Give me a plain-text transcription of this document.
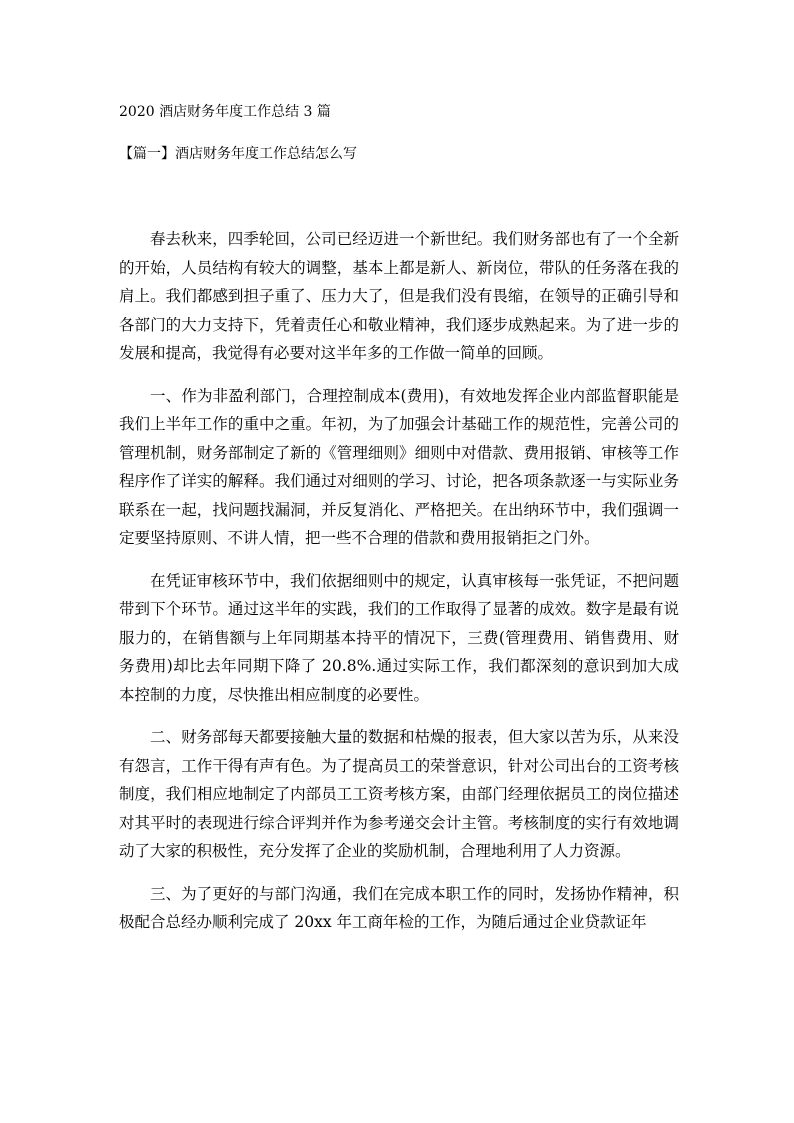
2020 酒店财务年度工作总结 3 篇
【篇一】酒店财务年度工作总结怎么写

春去秋来，四季轮回，公司已经迈进一个新世纪。我们财务部也有了一个全新的开始，人员结构有较大的调整，基本上都是新人、新岗位，带队的任务落在我的肩上。我们都感到担子重了、压力大了，但是我们没有畏缩，在领导的正确引导和各部门的大力支持下，凭着责任心和敬业精神，我们逐步成熟起来。为了进一步的发展和提高，我觉得有必要对这半年多的工作做一简单的回顾。

一、作为非盈利部门，合理控制成本(费用)，有效地发挥企业内部监督职能是我们上半年工作的重中之重。年初，为了加强会计基础工作的规范性，完善公司的管理机制，财务部制定了新的《管理细则》细则中对借款、费用报销、审核等工作程序作了详实的解释。我们通过对细则的学习、讨论，把各项条款逐一与实际业务联系在一起，找问题找漏洞，并反复消化、严格把关。在出纳环节中，我们强调一定要坚持原则、不讲人情，把一些不合理的借款和费用报销拒之门外。

在凭证审核环节中，我们依据细则中的规定，认真审核每一张凭证，不把问题带到下个环节。通过这半年的实践，我们的工作取得了显著的成效。数字是最有说服力的，在销售额与上年同期基本持平的情况下，三费(管理费用、销售费用、财务费用)却比去年同期下降了 20.8%.通过实际工作，我们都深刻的意识到加大成本控制的力度，尽快推出相应制度的必要性。

二、财务部每天都要接触大量的数据和枯燥的报表，但大家以苦为乐，从来没有怨言，工作干得有声有色。为了提高员工的荣誉意识，针对公司出台的工资考核制度，我们相应地制定了内部员工工资考核方案，由部门经理依据员工的岗位描述对其平时的表现进行综合评判并作为参考递交会计主管。考核制度的实行有效地调动了大家的积极性，充分发挥了企业的奖励机制，合理地利用了人力资源。

三、为了更好的与部门沟通，我们在完成本职工作的同时，发扬协作精神，积极配合总经办顺利完成了 20xx 年工商年检的工作，为随后通过企业贷款证年
